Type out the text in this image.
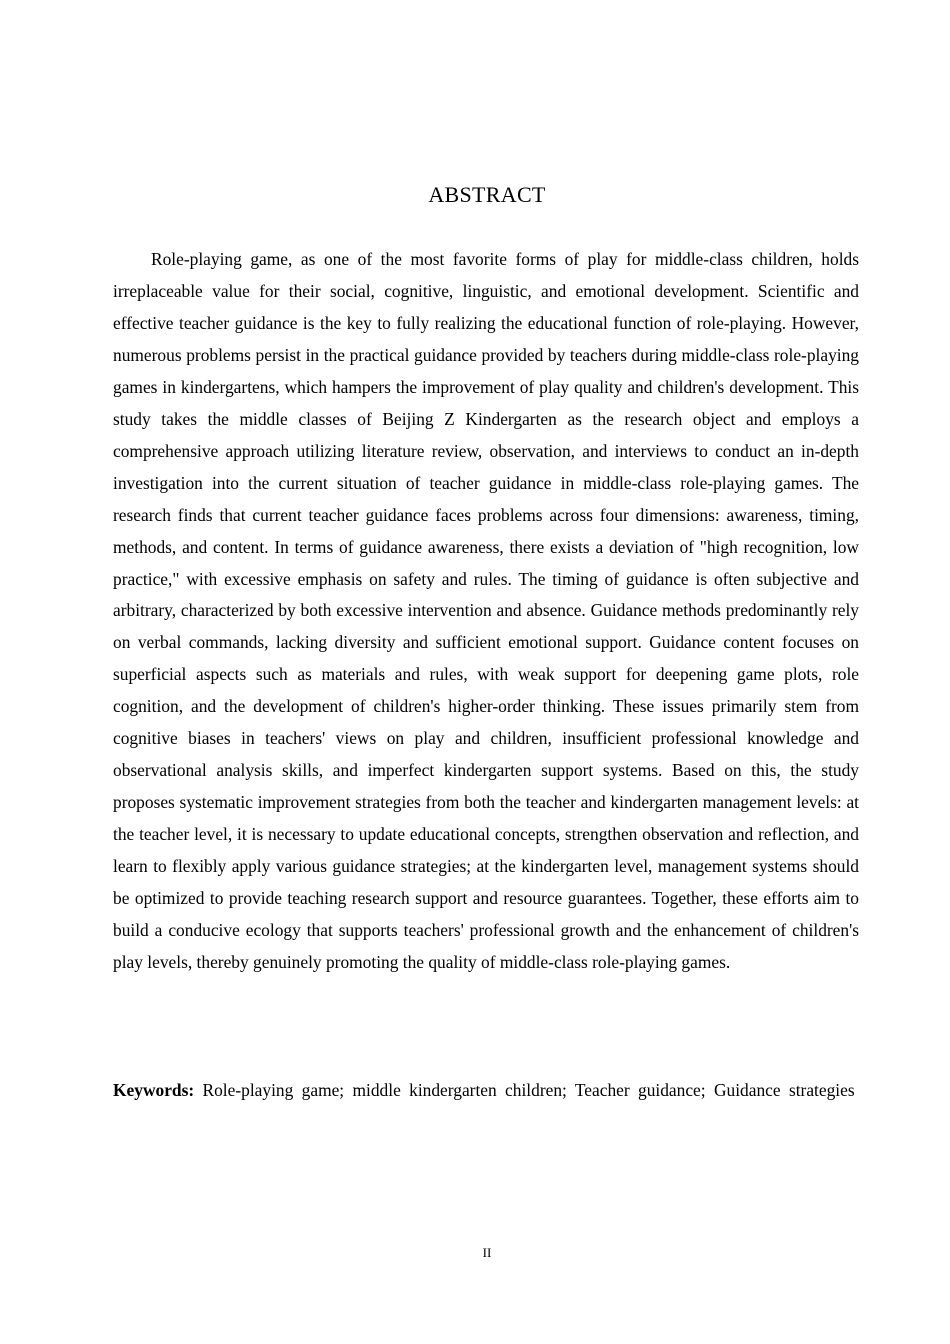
ABSTRACT

Role-playing game, as one of the most favorite forms of play for middle-class children, holds irreplaceable value for their social, cognitive, linguistic, and emotional development. Scientific and effective teacher guidance is the key to fully realizing the educational function of role-playing. However, numerous problems persist in the practical guidance provided by teachers during middle-class role-playing games in kindergartens, which hampers the improvement of play quality and children's development. This study takes the middle classes of Beijing Z Kindergarten as the research object and employs a comprehensive approach utilizing literature review, observation, and interviews to conduct an in-depth investigation into the current situation of teacher guidance in middle-class role-playing games. The research finds that current teacher guidance faces problems across four dimensions: awareness, timing, methods, and content. In terms of guidance awareness, there exists a deviation of "high recognition, low practice," with excessive emphasis on safety and rules. The timing of guidance is often subjective and arbitrary, characterized by both excessive intervention and absence. Guidance methods predominantly rely on verbal commands, lacking diversity and sufficient emotional support. Guidance content focuses on superficial aspects such as materials and rules, with weak support for deepening game plots, role cognition, and the development of children's higher-order thinking. These issues primarily stem from cognitive biases in teachers' views on play and children, insufficient professional knowledge and observational analysis skills, and imperfect kindergarten support systems. Based on this, the study proposes systematic improvement strategies from both the teacher and kindergarten management levels: at the teacher level, it is necessary to update educational concepts, strengthen observation and reflection, and learn to flexibly apply various guidance strategies; at the kindergarten level, management systems should be optimized to provide teaching research support and resource guarantees. Together, these efforts aim to build a conducive ecology that supports teachers' professional growth and the enhancement of children's play levels, thereby genuinely promoting the quality of middle-class role-playing games.

Keywords: Role-playing game; middle kindergarten children; Teacher guidance; Guidance strategies

II
